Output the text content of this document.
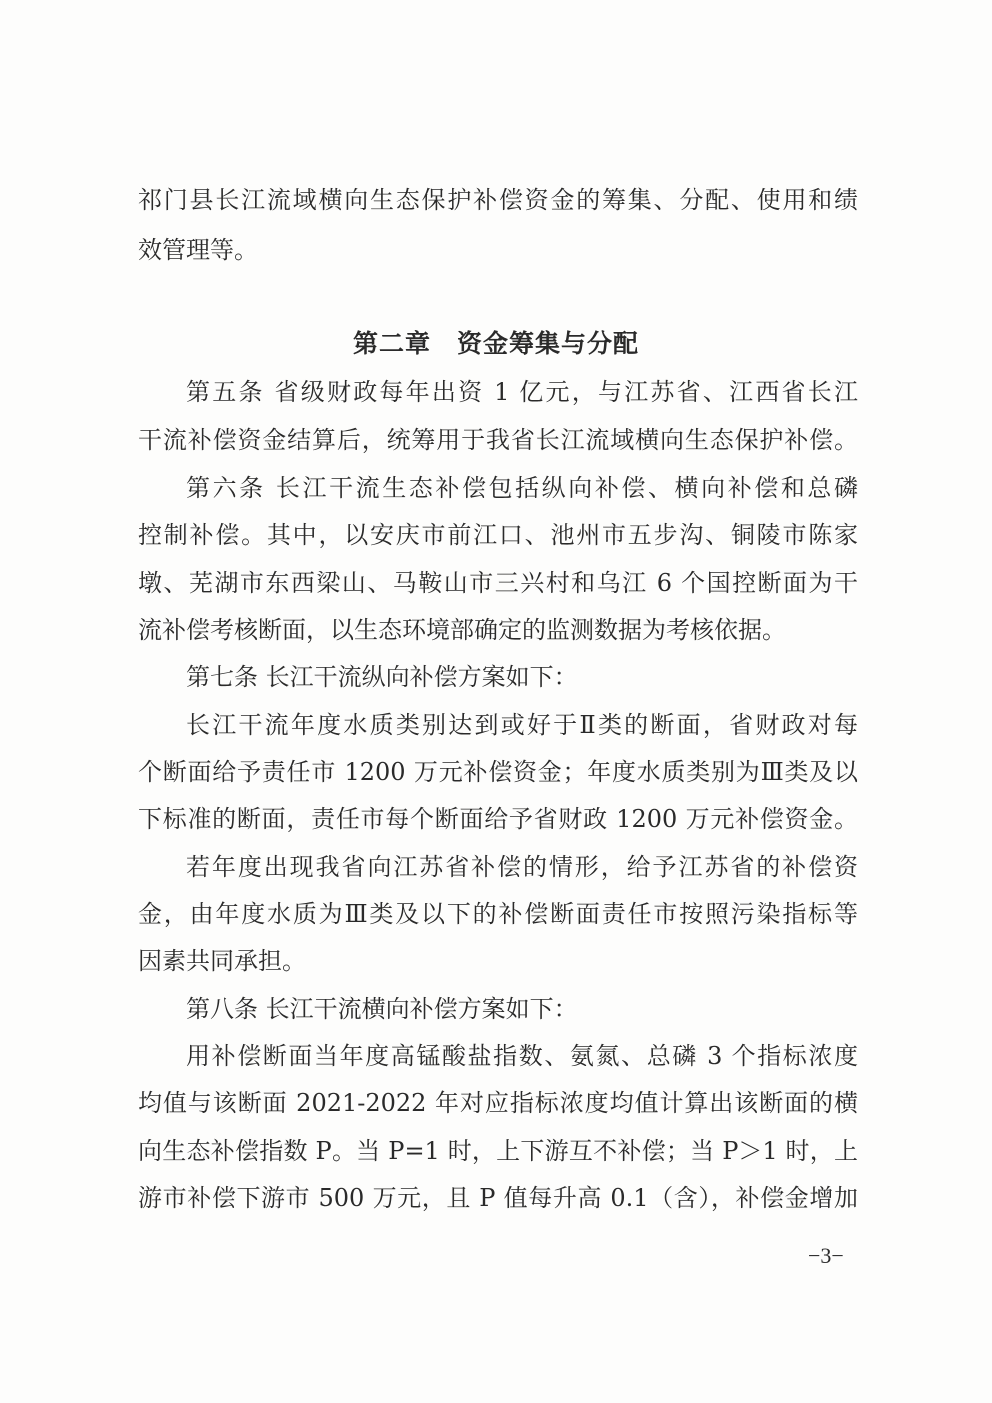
祁门县长江流域横向生态保护补偿资金的筹集、分配、使用和绩
效管理等。
第二章　资金筹集与分配
第五条 省级财政每年出资 1 亿元，与江苏省、江西省长江
干流补偿资金结算后，统筹用于我省长江流域横向生态保护补偿。
第六条 长江干流生态补偿包括纵向补偿、横向补偿和总磷
控制补偿。其中，以安庆市前江口、池州市五步沟、铜陵市陈家
墩、芜湖市东西梁山、马鞍山市三兴村和乌江 6 个国控断面为干
流补偿考核断面，以生态环境部确定的监测数据为考核依据。
第七条 长江干流纵向补偿方案如下：
长江干流年度水质类别达到或好于Ⅱ类的断面，省财政对每
个断面给予责任市 1200 万元补偿资金；年度水质类别为Ⅲ类及以
下标准的断面，责任市每个断面给予省财政 1200 万元补偿资金。
若年度出现我省向江苏省补偿的情形，给予江苏省的补偿资
金，由年度水质为Ⅲ类及以下的补偿断面责任市按照污染指标等
因素共同承担。
第八条 长江干流横向补偿方案如下：
用补偿断面当年度高锰酸盐指数、氨氮、总磷 3 个指标浓度
均值与该断面 2021-2022 年对应指标浓度均值计算出该断面的横
向生态补偿指数 P。当 P=1 时，上下游互不补偿；当 P＞1 时，上
游市补偿下游市 500 万元，且 P 值每升高 0.1（含），补偿金增加
−3−
